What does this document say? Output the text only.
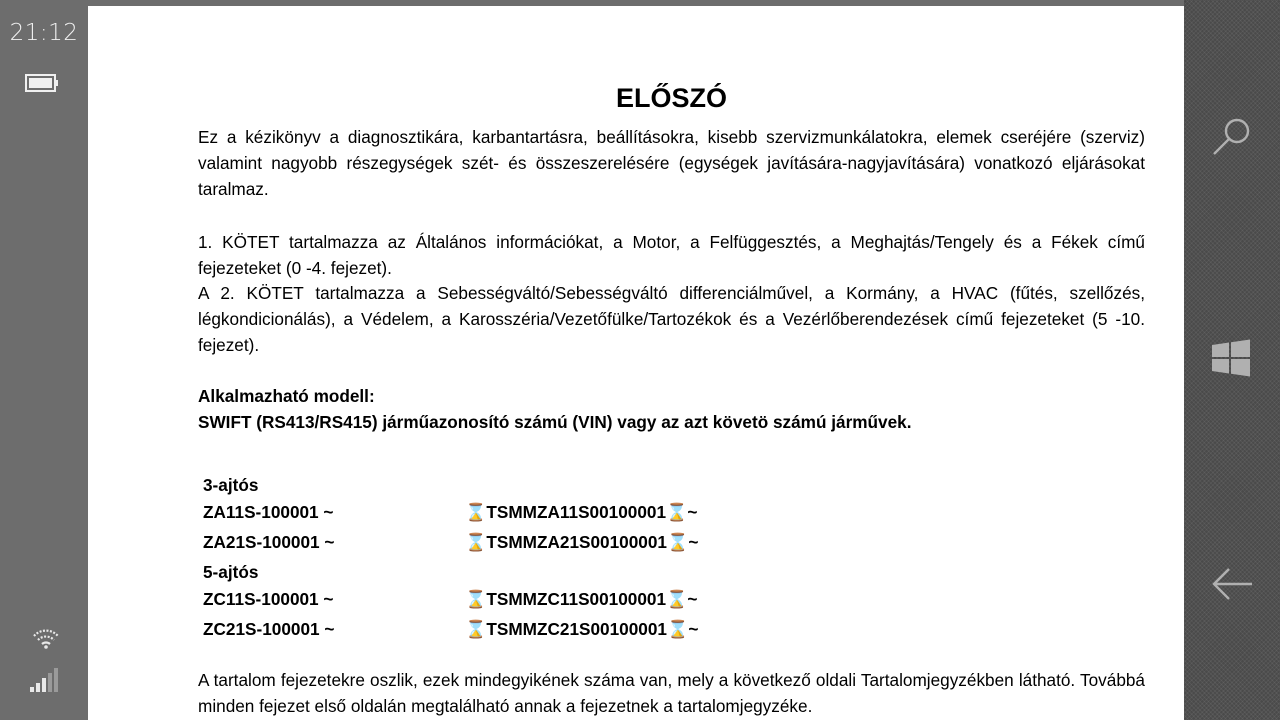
21:12
ELŐSZÓ

Ez a kézikönyv a diagnosztikára, karbantartásra, beállításokra, kisebb szervizmunkálatokra, elemek cseréjére (szerviz) valamint nagyobb részegységek szét- és összeszerelésére (egységek javítására-nagyjavítására) vonatkozó eljárásokat taralmaz.

1. KÖTET tartalmazza az Általános információkat, a Motor, a Felfüggesztés, a Meghajtás/Tengely és a Fékek című fejezeteket (0 -4. fejezet).

A 2. KÖTET tartalmazza a Sebességváltó/Sebességváltó differenciálművel, a Kormány, a HVAC (fűtés, szellőzés, légkondicionálás), a Védelem, a Karosszéria/Vezetőfülke/Tartozékok és a Vezérlőberendezések című fejezeteket (5 -10. fejezet).

Alkalmazható modell:

SWIFT (RS413/RS415) járműazonosító számú (VIN) vagy az azt követö számú járművek.

3-ajtós
ZA11S-100001 ~	⌛TSMMZA11S00100001⌛~
ZA21S-100001 ~	⌛TSMMZA21S00100001⌛~
5-ajtós
ZC11S-100001 ~	⌛TSMMZC11S00100001⌛~
ZC21S-100001 ~	⌛TSMMZC21S00100001⌛~

A tartalom fejezetekre oszlik, ezek mindegyikének száma van, mely a következő oldali Tartalomjegyzékben látható. Továbbá minden fejezet első oldalán megtalálható annak a fejezetnek a tartalomjegyzéke.
